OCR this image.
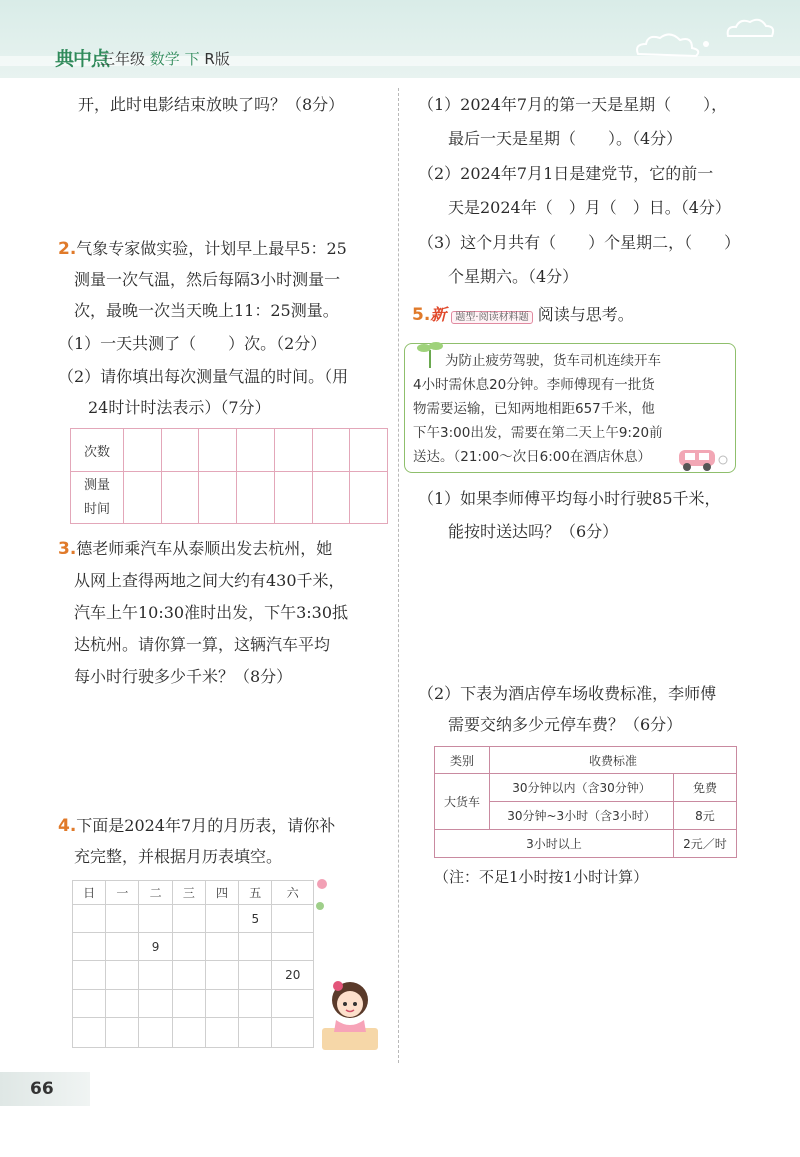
典中点
三年级 数学 下 R版
开，此时电影结束放映了吗？（8分）
2.气象专家做实验，计划早上最早5：25
测量一次气温，然后每隔3小时测量一
次，最晚一次当天晚上11：25测量。
（1）一天共测了（　　）次。（2分）
（2）请你填出每次测量气温的时间。（用
24时计时法表示）（7分）
次数							
测量
时间							
3.德老师乘汽车从泰顺出发去杭州，她
从网上查得两地之间大约有430千米，
汽车上午10:30准时出发，下午3:30抵
达杭州。请你算一算，这辆汽车平均
每小时行驶多少千米？（8分）
4.下面是2024年7月的月历表，请你补
充完整，并根据月历表填空。
日	一	二	三	四	五	六
					5	
		9				
						20

（1）2024年7月的第一天是星期（　　），
最后一天是星期（　　）。（4分）
（2）2024年7月1日是建党节，它的前一
天是2024年（　）月（　）日。（4分）
（3）这个月共有（　　）个星期二，（　　）
个星期六。（4分）
5.新 题型·阅读材料题 阅读与思考。
为防止疲劳驾驶，货车司机连续开车
4小时需休息20分钟。李师傅现有一批货
物需要运输，已知两地相距657千米，他
下午3:00出发，需要在第二天上午9:20前
送达。（21:00～次日6:00在酒店休息）
（1）如果李师傅平均每小时行驶85千米，
能按时送达吗？（6分）
（2）下表为酒店停车场收费标准，李师傅
需要交纳多少元停车费？（6分）
类别	收费标准	
大货车	30分钟以内（含30分钟）	免费
	30分钟~3小时（含3小时）	8元
3小时以上		2元／时
（注：不足1小时按1小时计算）
66
